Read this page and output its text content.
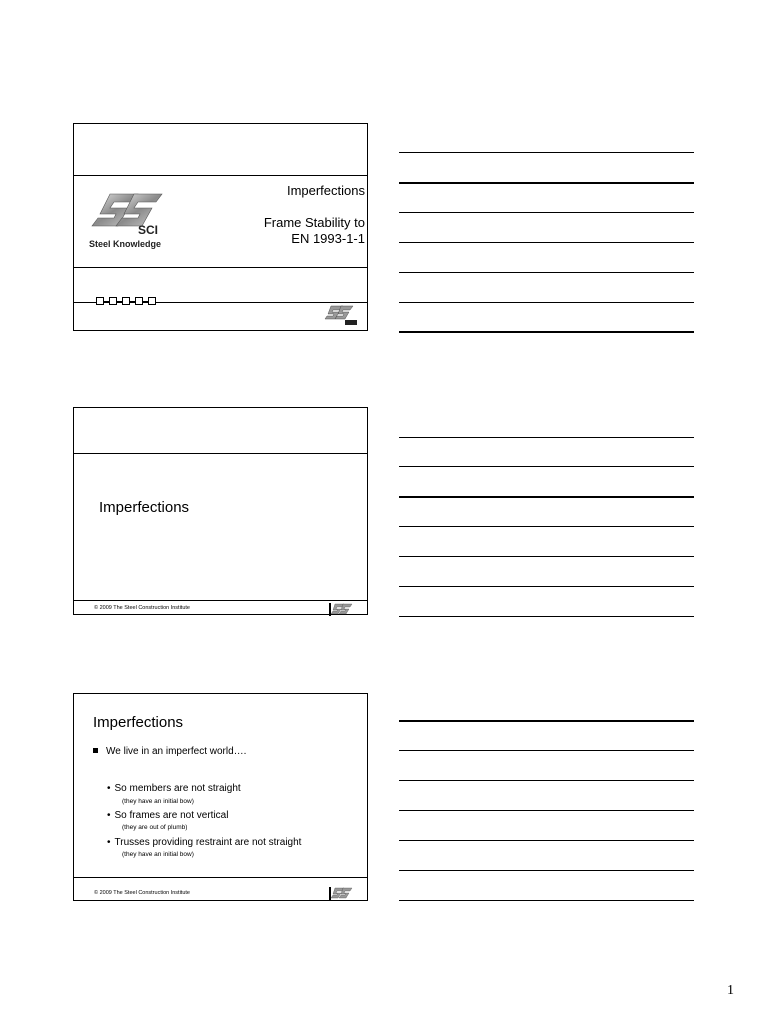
SCI
Steel Knowledge
Imperfections
Frame Stability to
EN 1993-1-1
Imperfections
© 2009 The Steel Construction Institute
Imperfections
We live in an imperfect world….
• So members are not straight
(they have an initial bow)
• So frames are not vertical
(they are out of plumb)
• Trusses providing restraint are not straight
(they have an initial bow)
© 2009 The Steel Construction Institute
1
